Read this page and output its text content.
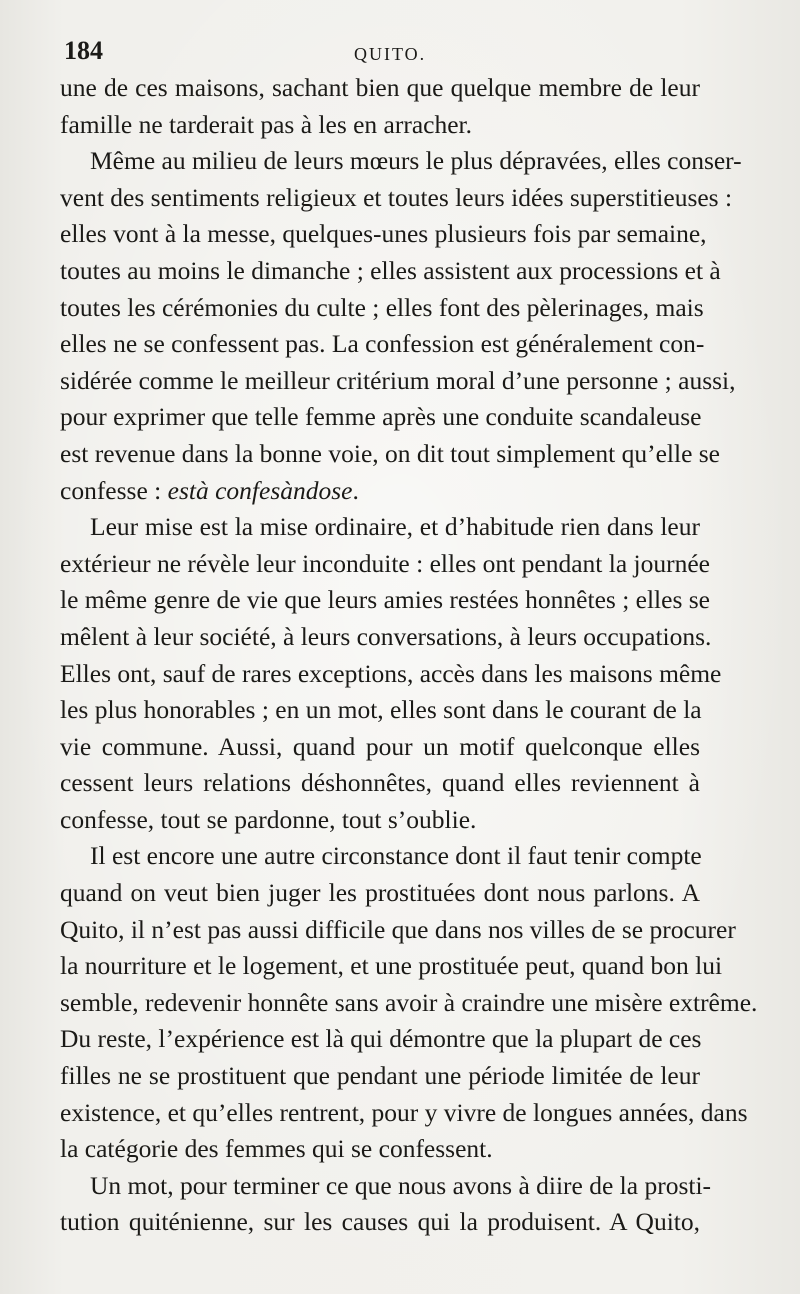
184	QUITO.
une de ces maisons, sachant bien que quelque membre de leur
famille ne tarderait pas à les en arracher.
Même au milieu de leurs mœurs le plus dépravées, elles conser-
vent des sentiments religieux et toutes leurs idées superstitieuses :
elles vont à la messe, quelques-unes plusieurs fois par semaine,
toutes au moins le dimanche ; elles assistent aux processions et à
toutes les cérémonies du culte ; elles font des pèlerinages, mais
elles ne se confessent pas. La confession est généralement con-
sidérée comme le meilleur critérium moral d’une personne ; aussi,
pour exprimer que telle femme après une conduite scandaleuse
est revenue dans la bonne voie, on dit tout simplement qu’elle se
confesse : està confesàndose.
Leur mise est la mise ordinaire, et d’habitude rien dans leur
extérieur ne révèle leur inconduite : elles ont pendant la journée
le même genre de vie que leurs amies restées honnêtes ; elles se
mêlent à leur société, à leurs conversations, à leurs occupations.
Elles ont, sauf de rares exceptions, accès dans les maisons même
les plus honorables ; en un mot, elles sont dans le courant de la
vie commune. Aussi, quand pour un motif quelconque elles
cessent leurs relations déshonnêtes, quand elles reviennent à
confesse, tout se pardonne, tout s’oublie.
Il est encore une autre circonstance dont il faut tenir compte
quand on veut bien juger les prostituées dont nous parlons. A
Quito, il n’est pas aussi difficile que dans nos villes de se procurer
la nourriture et le logement, et une prostituée peut, quand bon lui
semble, redevenir honnête sans avoir à craindre une misère extrême.
Du reste, l’expérience est là qui démontre que la plupart de ces
filles ne se prostituent que pendant une période limitée de leur
existence, et qu’elles rentrent, pour y vivre de longues années, dans
la catégorie des femmes qui se confessent.
Un mot, pour terminer ce que nous avons à diire de la prosti-
tution quiténienne, sur les causes qui la produisent. A Quito,
